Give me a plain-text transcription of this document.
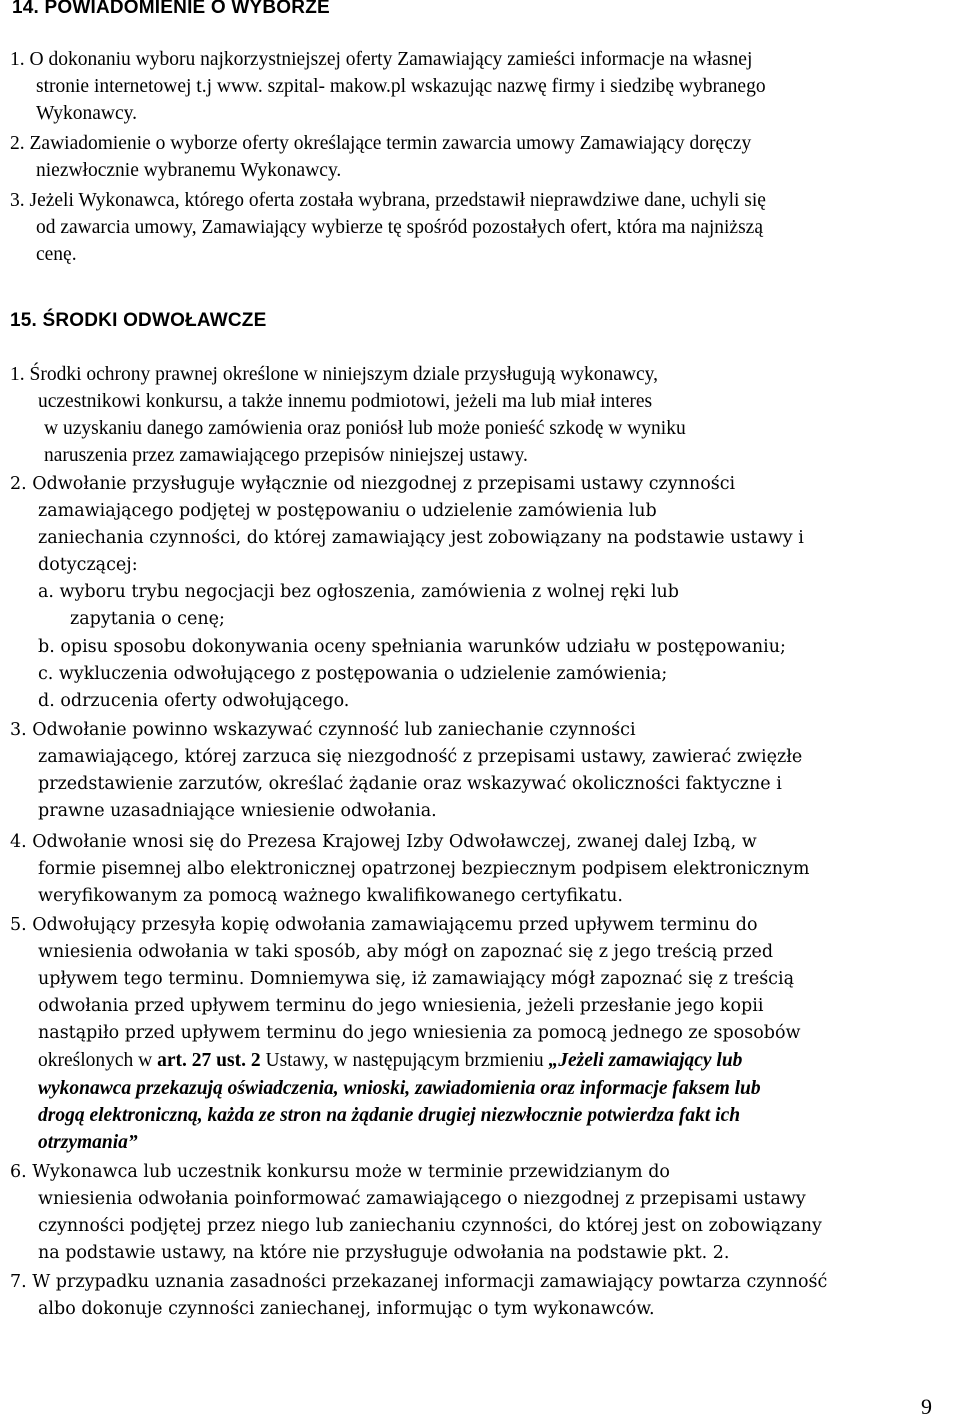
14. POWIADOMIENIE O WYBORZE
1. O dokonaniu wyboru najkorzystniejszej oferty Zamawiający zamieści informacje na własnej
stronie internetowej t.j www. szpital- makow.pl wskazując nazwę firmy i siedzibę wybranego
Wykonawcy.
2. Zawiadomienie o wyborze oferty określające termin zawarcia umowy Zamawiający doręczy
niezwłocznie wybranemu Wykonawcy.
3. Jeżeli Wykonawca, którego oferta została wybrana, przedstawił nieprawdziwe dane, uchyli się
od zawarcia umowy, Zamawiający wybierze tę spośród pozostałych ofert, która ma najniższą
cenę.
15. ŚRODKI ODWOŁAWCZE
1. Środki ochrony prawnej określone w niniejszym dziale przysługują wykonawcy,
uczestnikowi konkursu, a także innemu podmiotowi, jeżeli ma lub miał interes
w uzyskaniu danego zamówienia oraz poniósł lub może ponieść szkodę w wyniku
naruszenia przez zamawiającego przepisów niniejszej ustawy.
2. Odwołanie przysługuje wyłącznie od niezgodnej z przepisami ustawy czynności
zamawiającego podjętej w postępowaniu o udzielenie zamówienia lub
zaniechania czynności, do której zamawiający jest zobowiązany na podstawie ustawy i
dotyczącej:
a. wyboru trybu negocjacji bez ogłoszenia, zamówienia z wolnej ręki lub
zapytania o cenę;
b. opisu sposobu dokonywania oceny spełniania warunków udziału w postępowaniu;
c. wykluczenia odwołującego z postępowania o udzielenie zamówienia;
d. odrzucenia oferty odwołującego.
3. Odwołanie powinno wskazywać czynność lub zaniechanie czynności
zamawiającego, której zarzuca się niezgodność z przepisami ustawy, zawierać zwięzłe
przedstawienie zarzutów, określać żądanie oraz wskazywać okoliczności faktyczne i
prawne uzasadniające wniesienie odwołania.
4. Odwołanie wnosi się do Prezesa Krajowej Izby Odwoławczej, zwanej dalej Izbą, w
formie pisemnej albo elektronicznej opatrzonej bezpiecznym podpisem elektronicznym
weryfikowanym za pomocą ważnego kwalifikowanego certyfikatu.
5. Odwołujący przesyła kopię odwołania zamawiającemu przed upływem terminu do
wniesienia odwołania w taki sposób, aby mógł on zapoznać się z jego treścią przed
upływem tego terminu. Domniemywa się, iż zamawiający mógł zapoznać się z treścią
odwołania przed upływem terminu do jego wniesienia, jeżeli przesłanie jego kopii
nastąpiło przed upływem terminu do jego wniesienia za pomocą jednego ze sposobów
określonych w art. 27 ust. 2 Ustawy, w następującym brzmieniu „Jeżeli zamawiający lub
wykonawca przekazują oświadczenia, wnioski, zawiadomienia oraz informacje faksem lub
drogą elektroniczną, każda ze stron na żądanie drugiej niezwłocznie potwierdza fakt ich
otrzymania”
6. Wykonawca lub uczestnik konkursu może w terminie przewidzianym do
wniesienia odwołania poinformować zamawiającego o niezgodnej z przepisami ustawy
czynności podjętej przez niego lub zaniechaniu czynności, do której jest on zobowiązany
na podstawie ustawy, na które nie przysługuje odwołania na podstawie pkt. 2.
7. W przypadku uznania zasadności przekazanej informacji zamawiający powtarza czynność
albo dokonuje czynności zaniechanej, informując o tym wykonawców.
9
